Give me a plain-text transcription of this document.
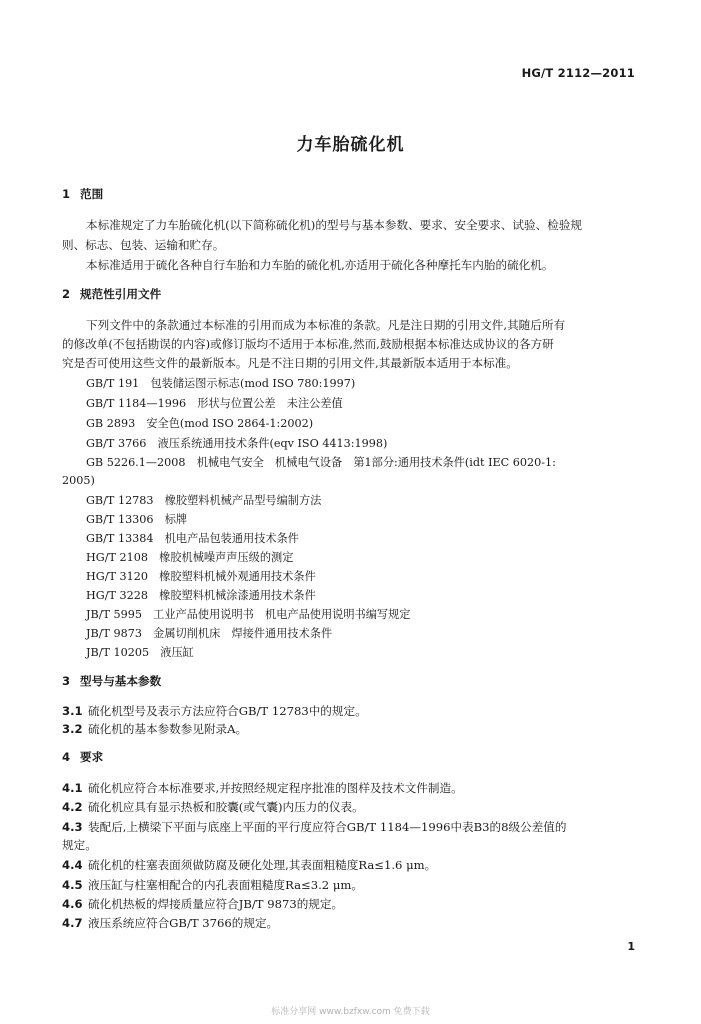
HG/T 2112—2011
力车胎硫化机
1 范围
本标准规定了力车胎硫化机(以下简称硫化机)的型号与基本参数、要求、安全要求、试验、检验规
则、标志、包装、运输和贮存。
本标准适用于硫化各种自行车胎和力车胎的硫化机,亦适用于硫化各种摩托车内胎的硫化机。
2 规范性引用文件
下列文件中的条款通过本标准的引用而成为本标准的条款。凡是注日期的引用文件,其随后所有
的修改单(不包括勘误的内容)或修订版均不适用于本标准,然而,鼓励根据本标准达成协议的各方研
究是否可使用这些文件的最新版本。凡是不注日期的引用文件,其最新版本适用于本标准。
GB/T 191　包装储运图示标志(mod ISO 780:1997)
GB/T 1184—1996　形状与位置公差　未注公差值
GB 2893　安全色(mod ISO 2864-1:2002)
GB/T 3766　液压系统通用技术条件(eqv ISO 4413:1998)
GB 5226.1—2008　机械电气安全　机械电气设备　第1部分:通用技术条件(idt IEC 6020-1:
2005)
GB/T 12783　橡胶塑料机械产品型号编制方法
GB/T 13306　标牌
GB/T 13384　机电产品包装通用技术条件
HG/T 2108　橡胶机械噪声声压级的测定
HG/T 3120　橡胶塑料机械外观通用技术条件
HG/T 3228　橡胶塑料机械涂漆通用技术条件
JB/T 5995　工业产品使用说明书　机电产品使用说明书编写规定
JB/T 9873　金属切削机床　焊接件通用技术条件
JB/T 10205　液压缸
3 型号与基本参数
3.1 硫化机型号及表示方法应符合GB/T 12783中的规定。
3.2 硫化机的基本参数参见附录A。
4 要求
4.1 硫化机应符合本标准要求,并按照经规定程序批准的图样及技术文件制造。
4.2 硫化机应具有显示热板和胶囊(或气囊)内压力的仪表。
4.3 装配后,上横梁下平面与底座上平面的平行度应符合GB/T 1184—1996中表B3的8级公差值的
规定。
4.4 硫化机的柱塞表面须做防腐及硬化处理,其表面粗糙度Ra≤1.6 μm。
4.5 液压缸与柱塞相配合的内孔表面粗糙度Ra≤3.2 μm。
4.6 硫化机热板的焊接质量应符合JB/T 9873的规定。
4.7 液压系统应符合GB/T 3766的规定。
1
标准分享网 www.bzfxw.com 免费下载
